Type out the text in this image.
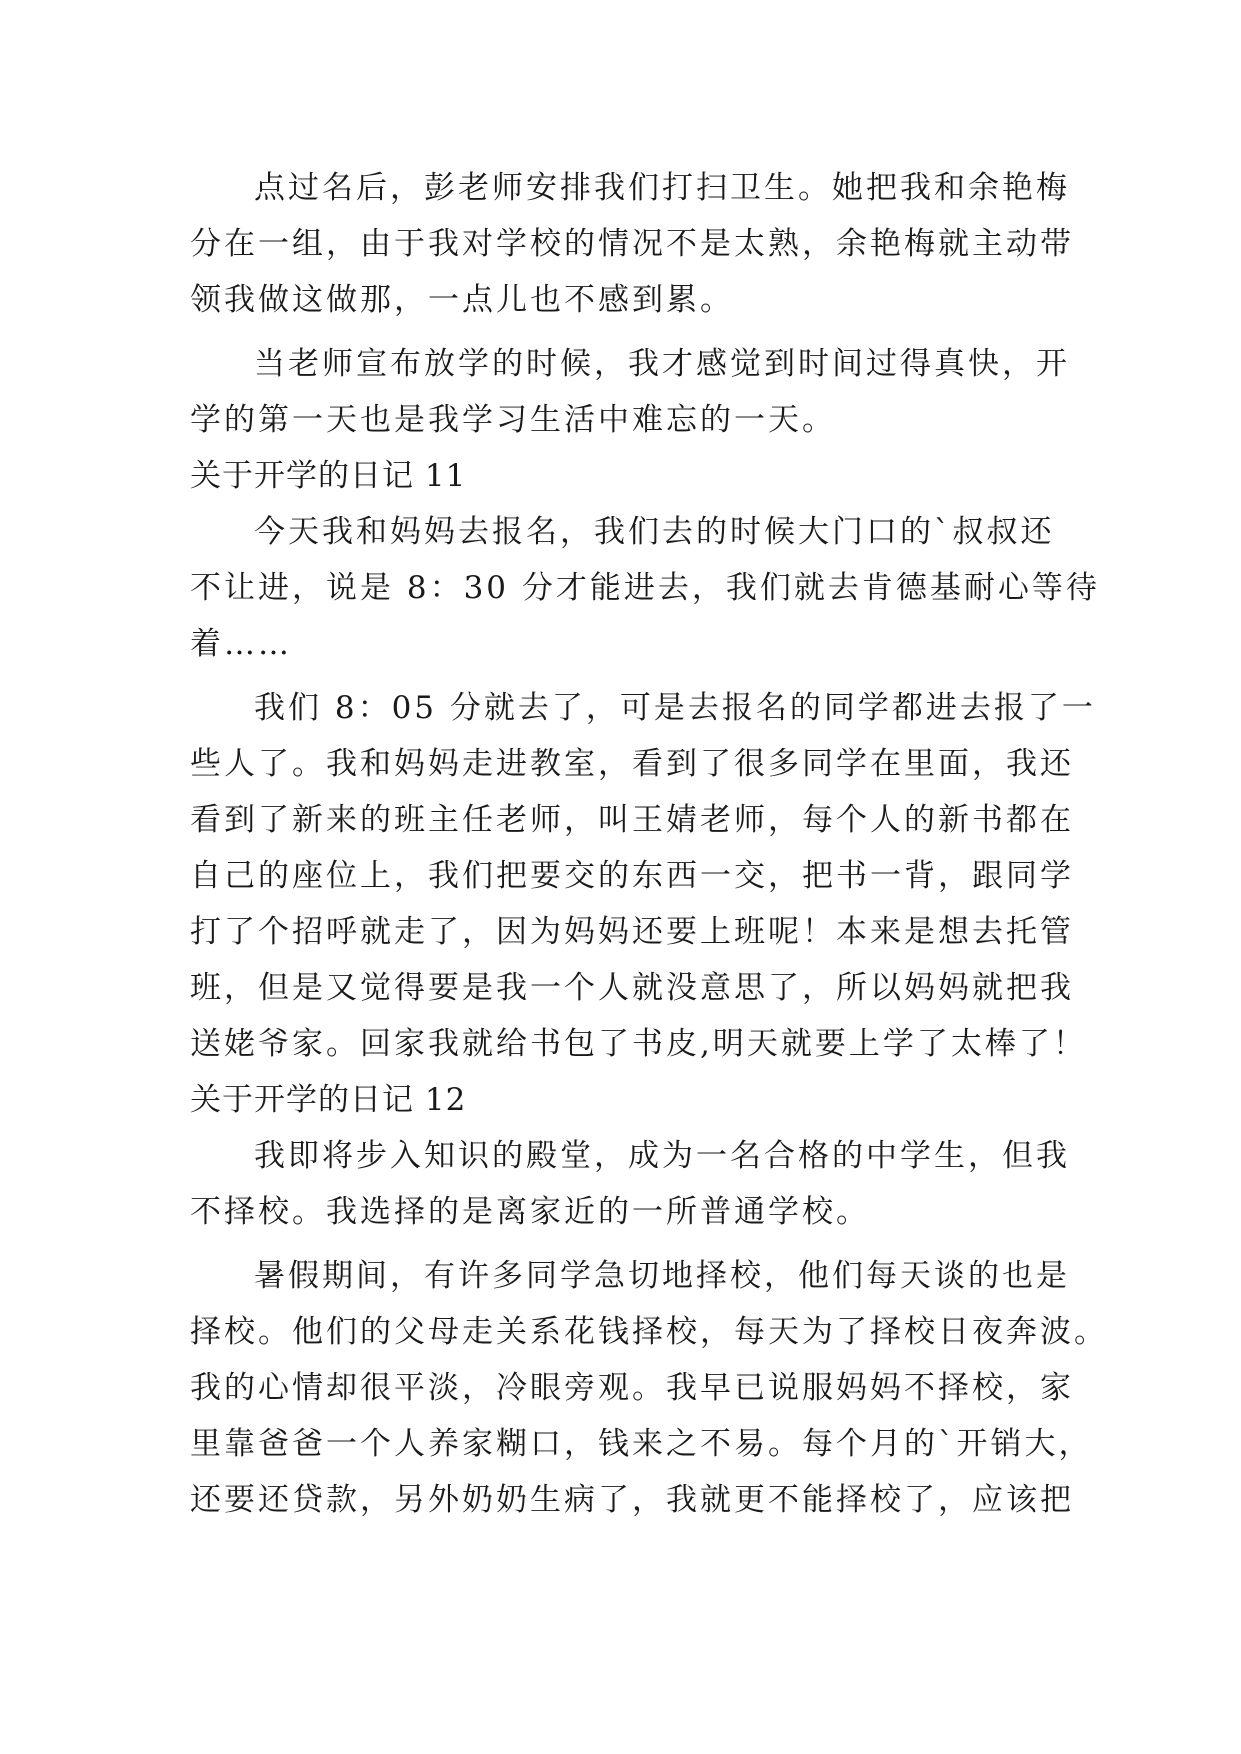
点过名后，彭老师安排我们打扫卫生。她把我和余艳梅
分在一组，由于我对学校的情况不是太熟，余艳梅就主动带
领我做这做那，一点儿也不感到累。
当老师宣布放学的时候，我才感觉到时间过得真快，开
学的第一天也是我学习生活中难忘的一天。
关于开学的日记 11
今天我和妈妈去报名，我们去的时候大门口的`叔叔还
不让进，说是 8：30 分才能进去，我们就去肯德基耐心等待
着……
我们 8：05 分就去了，可是去报名的同学都进去报了一
些人了。我和妈妈走进教室，看到了很多同学在里面，我还
看到了新来的班主任老师，叫王婧老师，每个人的新书都在
自己的座位上，我们把要交的东西一交，把书一背，跟同学
打了个招呼就走了，因为妈妈还要上班呢！本来是想去托管
班，但是又觉得要是我一个人就没意思了，所以妈妈就把我
送姥爷家。回家我就给书包了书皮,明天就要上学了太棒了！
关于开学的日记 12
我即将步入知识的殿堂，成为一名合格的中学生，但我
不择校。我选择的是离家近的一所普通学校。
暑假期间，有许多同学急切地择校，他们每天谈的也是
择校。他们的父母走关系花钱择校，每天为了择校日夜奔波。
我的心情却很平淡，冷眼旁观。我早已说服妈妈不择校，家
里靠爸爸一个人养家糊口，钱来之不易。每个月的`开销大，
还要还贷款，另外奶奶生病了，我就更不能择校了，应该把
